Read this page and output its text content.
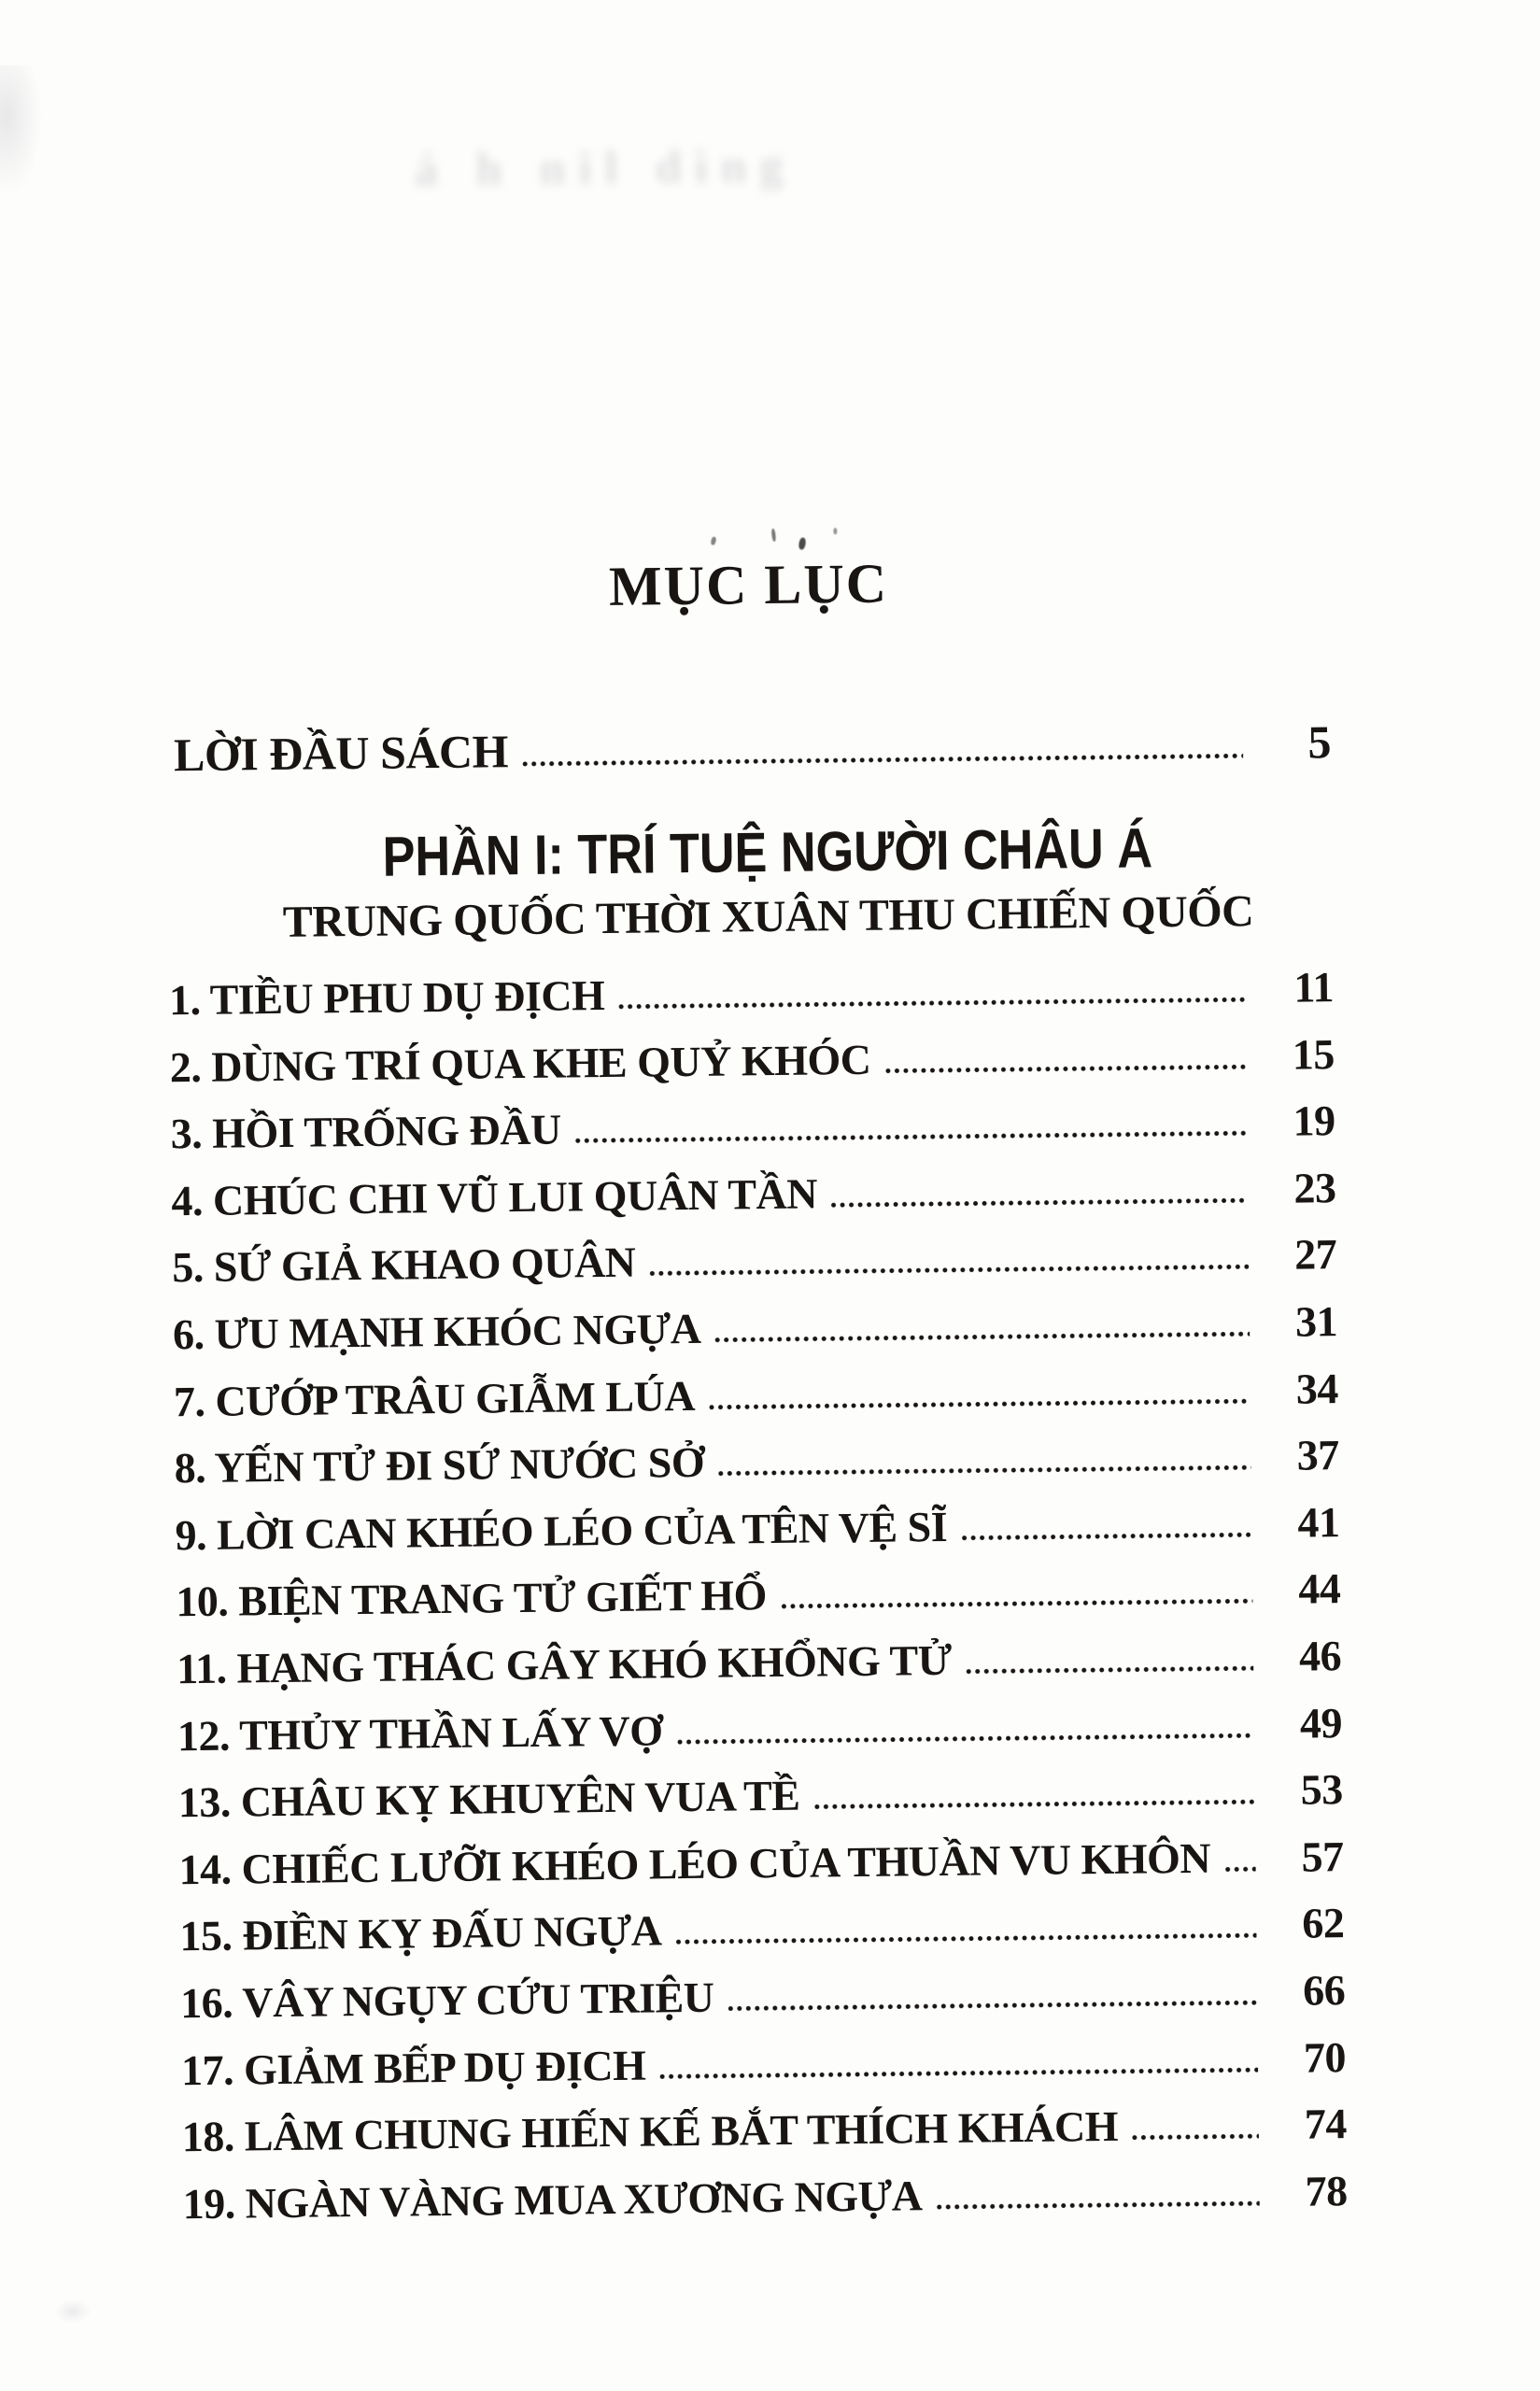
á h nil dìng
MỤC LỤC
LỜI ĐẦU SÁCH	5
PHẦN I: TRÍ TUỆ NGƯỜI CHÂU Á
TRUNG QUỐC THỜI XUÂN THU CHIẾN QUỐC
1. TIỀU PHU DỤ ĐỊCH	11
2. DÙNG TRÍ QUA KHE QUỶ KHÓC	15
3. HỒI TRỐNG ĐẦU	19
4. CHÚC CHI VŨ LUI QUÂN TẦN	23
5. SỨ GIẢ KHAO QUÂN	27
6. ƯU MẠNH KHÓC NGỰA	31
7. CƯỚP TRÂU GIẪM LÚA	34
8. YẾN TỬ ĐI SỨ NƯỚC SỞ	37
9. LỜI CAN KHÉO LÉO CỦA TÊN VỆ SĨ	41
10. BIỆN TRANG TỬ GIẾT HỔ	44
11. HẠNG THÁC GÂY KHÓ KHỔNG TỬ	46
12. THỦY THẦN LẤY VỢ	49
13. CHÂU KỴ KHUYÊN VUA TỀ	53
14. CHIẾC LƯỠI KHÉO LÉO CỦA THUẦN VU KHÔN	57
15. ĐIỀN KỴ ĐẤU NGỰA	62
16. VÂY NGỤY CỨU TRIỆU	66
17. GIẢM BẾP DỤ ĐỊCH	70
18. LÂM CHUNG HIẾN KẾ BẮT THÍCH KHÁCH	74
19. NGÀN VÀNG MUA XƯƠNG NGỰA	78
